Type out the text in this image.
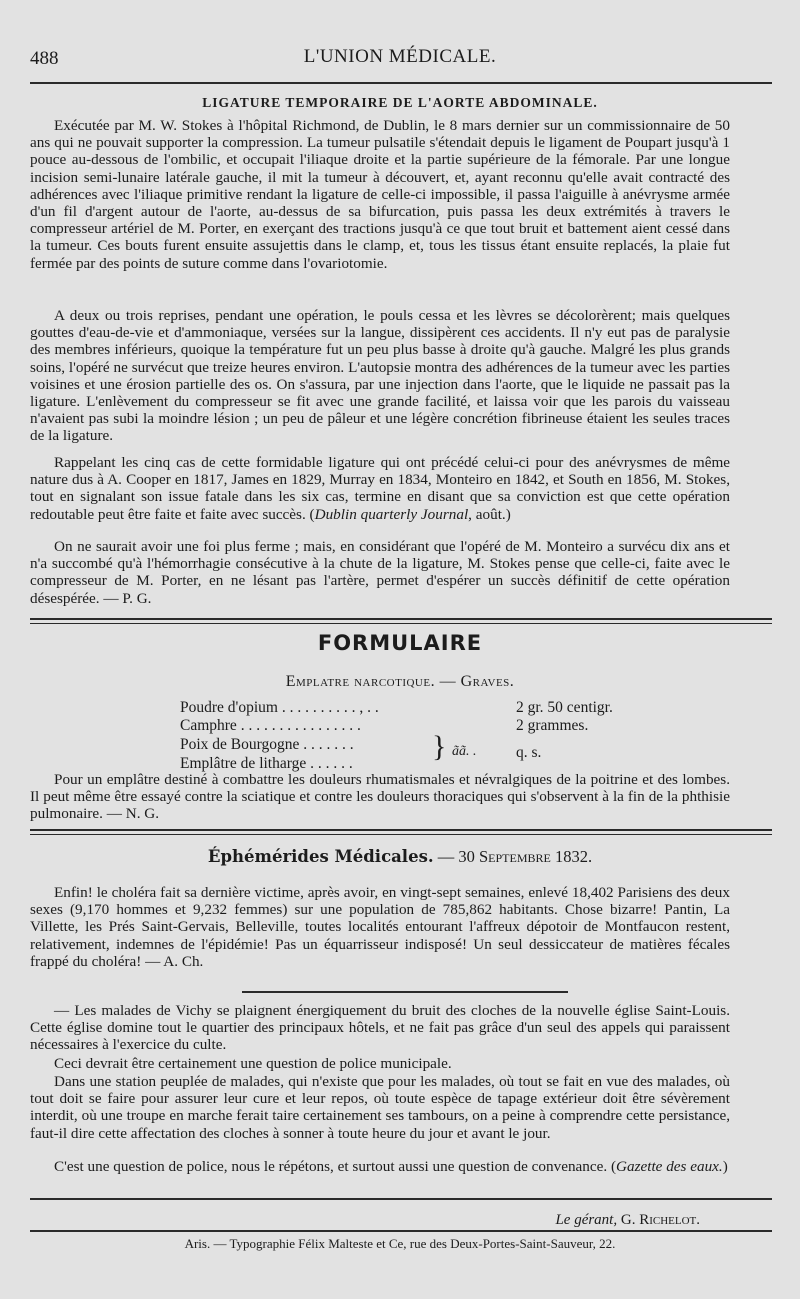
488	L'UNION MÉDICALE.
LIGATURE TEMPORAIRE DE L'AORTE ABDOMINALE.
Exécutée par M. W. Stokes à l'hôpital Richmond, de Dublin, le 8 mars dernier sur un commissionnaire de 50 ans qui ne pouvait supporter la compression. La tumeur pulsatile s'étendait depuis le ligament de Poupart jusqu'à 1 pouce au-dessous de l'ombilic, et occupait l'iliaque droite et la partie supérieure de la fémorale. Par une longue incision semi-lunaire latérale gauche, il mit la tumeur à découvert, et, ayant reconnu qu'elle avait contracté des adhérences avec l'iliaque primitive rendant la ligature de celle-ci impossible, il passa l'aiguille à anévrysme armée d'un fil d'argent autour de l'aorte, au-dessus de sa bifurcation, puis passa les deux extrémités à travers le compresseur artériel de M. Porter, en exerçant des tractions jusqu'à ce que tout bruit et battement aient cessé dans la tumeur. Ces bouts furent ensuite assujettis dans le clamp, et, tous les tissus étant ensuite replacés, la plaie fut fermée par des points de suture comme dans l'ovariotomie.
A deux ou trois reprises, pendant une opération, le pouls cessa et les lèvres se décolorèrent; mais quelques gouttes d'eau-de-vie et d'ammoniaque, versées sur la langue, dissipèrent ces accidents. Il n'y eut pas de paralysie des membres inférieurs, quoique la température fut un peu plus basse à droite qu'à gauche. Malgré les plus grands soins, l'opéré ne survécut que treize heures environ. L'autopsie montra des adhérences de la tumeur avec les parties voisines et une érosion partielle des os. On s'assura, par une injection dans l'aorte, que le liquide ne passait pas la ligature. L'enlèvement du compresseur se fit avec une grande facilité, et laissa voir que les parois du vaisseau n'avaient pas subi la moindre lésion ; un peu de pâleur et une légère concrétion fibrineuse étaient les seules traces de la ligature.
Rappelant les cinq cas de cette formidable ligature qui ont précédé celui-ci pour des anévrysmes de même nature dus à A. Cooper en 1817, James en 1829, Murray en 1834, Monteiro en 1842, et South en 1856, M. Stokes, tout en signalant son issue fatale dans les six cas, termine en disant que sa conviction est que cette opération redoutable peut être faite et faite avec succès. (Dublin quarterly Journal, août.)
On ne saurait avoir une foi plus ferme ; mais, en considérant que l'opéré de M. Monteiro a survécu dix ans et n'a succombé qu'à l'hémorrhagie consécutive à la chute de la ligature, M. Stokes pense que celle-ci, faite avec le compresseur de M. Porter, en ne lésant pas l'artère, permet d'espérer un succès définitif de cette opération désespérée. — P. G.
FORMULAIRE
Emplatre narcotique. — Graves.
Poudre d'opium . . . . . . . . . . , . .	2 gr. 50 centigr.
Camphre . . . . . . . . . . . . . . . .	2 grammes.
Poix de Bourgogne . . . . . . .
Emplâtre de litharge . . . . . .
} ãã. .	q. s.
Pour un emplâtre destiné à combattre les douleurs rhumatismales et névralgiques de la poitrine et des lombes. Il peut même être essayé contre la sciatique et contre les douleurs thoraciques qui s'observent à la fin de la phthisie pulmonaire. — N. G.
Éphémérides Médicales. — 30 Septembre 1832.
Enfin! le choléra fait sa dernière victime, après avoir, en vingt-sept semaines, enlevé 18,402 Parisiens des deux sexes (9,170 hommes et 9,232 femmes) sur une population de 785,862 habitants. Chose bizarre! Pantin, La Villette, les Prés Saint-Gervais, Belleville, toutes localités entourant l'affreux dépotoir de Montfaucon restent, relativement, indemnes de l'épidémie! Pas un équarrisseur indisposé! Un seul dessiccateur de matières fécales frappé du choléra! — A. Ch.
— Les malades de Vichy se plaignent énergiquement du bruit des cloches de la nouvelle église Saint-Louis. Cette église domine tout le quartier des principaux hôtels, et ne fait pas grâce d'un seul des appels qui paraissent nécessaires à l'exercice du culte.
Ceci devrait être certainement une question de police municipale.
Dans une station peuplée de malades, qui n'existe que pour les malades, où tout se fait en vue des malades, où tout doit se faire pour assurer leur cure et leur repos, où toute espèce de tapage extérieur doit être sévèrement interdit, où une troupe en marche ferait taire certainement ses tambours, on a peine à comprendre cette persistance, faut-il dire cette affectation des cloches à sonner à toute heure du jour et avant le jour.
C'est une question de police, nous le répétons, et surtout aussi une question de convenance. (Gazette des eaux.)
Le gérant, G. Richelot.
Aris. — Typographie Félix Malteste et Ce, rue des Deux-Portes-Saint-Sauveur, 22.
